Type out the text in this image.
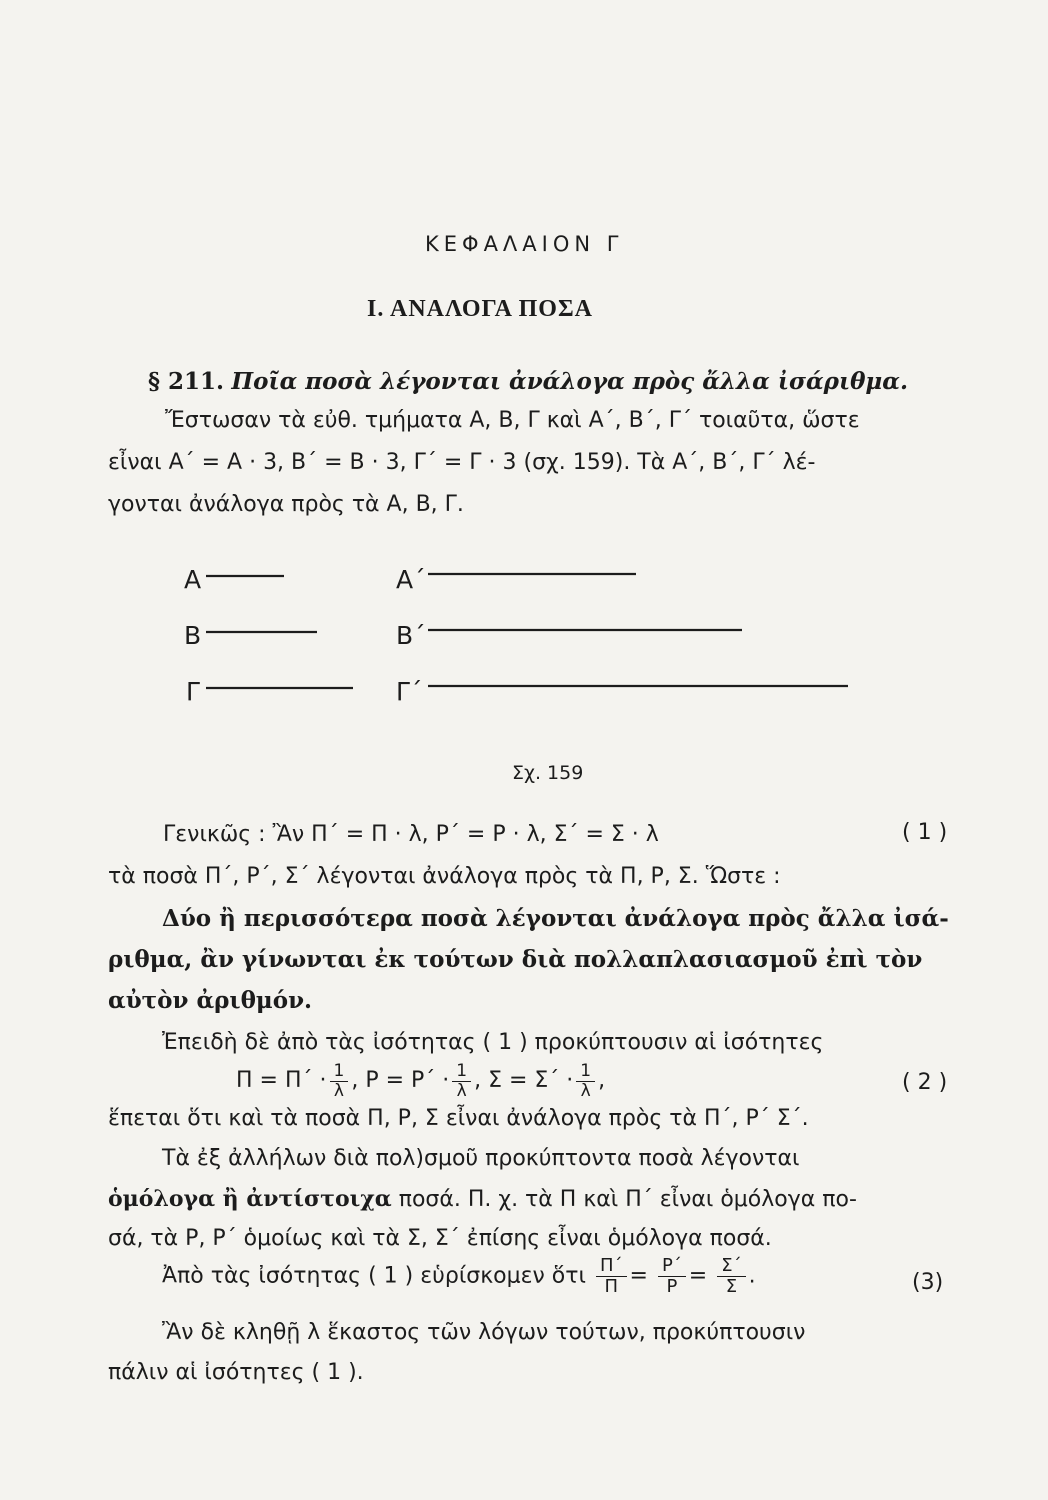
ΚΕΦΑΛΑΙΟΝ Γ
Ι. ΑΝΑΛΟΓΑ ΠΟΣΑ
§ 211. Ποῖα ποσὰ λέγονται ἀνάλογα πρὸς ἄλλα ἰσάριθμα.
Ἔστωσαν τὰ εὐθ. τμήματα Α, Β, Γ καὶ Α΄, Β΄, Γ΄ τοιαῦτα, ὥστε
εἶναι Α΄ = Α · 3, Β΄ = Β · 3, Γ΄ = Γ · 3 (σχ. 159). Τὰ Α΄, Β΄, Γ΄ λέ-
γονται ἀνάλογα πρὸς τὰ Α, Β, Γ.
Α
Β
Γ
Α΄
Β΄
Γ΄
Σχ. 159
Γενικῶς : Ἂν Π΄ = Π · λ, Ρ΄ = Ρ · λ, Σ΄ = Σ · λ	( 1 )
τὰ ποσὰ Π΄, Ρ΄, Σ΄ λέγονται ἀνάλογα πρὸς τὰ Π, Ρ, Σ. Ὥστε :
Δύο ἢ περισσότερα ποσὰ λέγονται ἀνάλογα πρὸς ἄλλα ἰσά-
ριθμα, ἂν γίνωνται ἐκ τούτων διὰ πολλαπλασιασμοῦ ἐπὶ τὸν
αὐτὸν ἀριθμόν.
Ἐπειδὴ δὲ ἀπὸ τὰς ἰσότητας ( 1 ) προκύπτουσιν αἱ ἰσότητες
$\Pi = \Pi΄ \cdot \frac{1}{\lambda}$ , $P = P΄ \cdot \frac{1}{\lambda}$ , $\Sigma = \Sigma΄ \cdot \frac{1}{\lambda}$ ,	( 2 )
ἕπεται ὅτι καὶ τὰ ποσὰ Π, Ρ, Σ εἶναι ἀνάλογα πρὸς τὰ Π΄, Ρ΄ Σ΄.
Τὰ ἐξ ἀλλήλων διὰ πολ)σμοῦ προκύπτοντα ποσὰ λέγονται
ὁμόλογα ἢ ἀντίστοιχα ποσά. Π. χ. τὰ Π καὶ Π΄ εἶναι ὁμόλογα πο-
σά, τὰ Ρ, Ρ΄ ὁμοίως καὶ τὰ Σ, Σ΄ ἐπίσης εἶναι ὁμόλογα ποσά.
Ἀπὸ τὰς ἰσότητας ( 1 ) εὑρίσκομεν ὅτι $\frac{\Pi΄}{\Pi} = \frac{P΄}{P} = \frac{\Sigma΄}{\Sigma}$ .	(3)
Ἂν δὲ κληθῇ λ ἕκαστος τῶν λόγων τούτων, προκύπτουσιν
πάλιν αἱ ἰσότητες ( 1 ).
